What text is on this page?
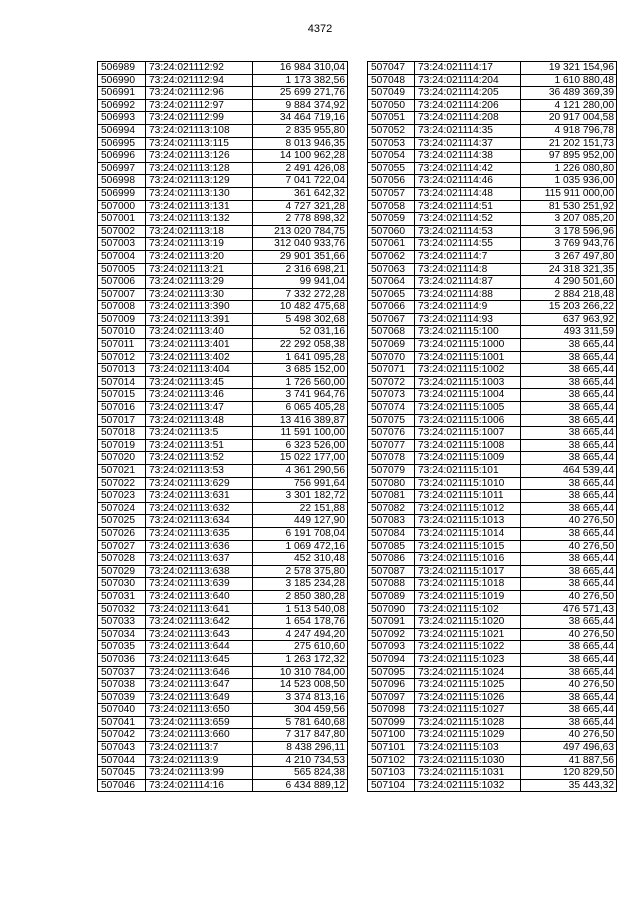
4372
506989	73:24:021112:92	16 984 310,04
506990	73:24:021112:94	1 173 382,56
506991	73:24:021112:96	25 699 271,76
506992	73:24:021112:97	9 884 374,92
506993	73:24:021112:99	34 464 719,16
506994	73:24:021113:108	2 835 955,80
506995	73:24:021113:115	8 013 946,35
506996	73:24:021113:126	14 100 962,28
506997	73:24:021113:128	2 491 426,08
506998	73:24:021113:129	7 041 722,04
506999	73:24:021113:130	361 642,32
507000	73:24:021113:131	4 727 321,28
507001	73:24:021113:132	2 778 898,32
507002	73:24:021113:18	213 020 784,75
507003	73:24:021113:19	312 040 933,76
507004	73:24:021113:20	29 901 351,66
507005	73:24:021113:21	2 316 698,21
507006	73:24:021113:29	99 941,04
507007	73:24:021113:30	7 332 272,28
507008	73:24:021113:390	10 482 475,68
507009	73:24:021113:391	5 498 302,68
507010	73:24:021113:40	52 031,16
507011	73:24:021113:401	22 292 058,38
507012	73:24:021113:402	1 641 095,28
507013	73:24:021113:404	3 685 152,00
507014	73:24:021113:45	1 726 560,00
507015	73:24:021113:46	3 741 964,76
507016	73:24:021113:47	6 065 405,28
507017	73:24:021113:48	13 416 389,87
507018	73:24:021113:5	11 591 100,00
507019	73:24:021113:51	6 323 526,00
507020	73:24:021113:52	15 022 177,00
507021	73:24:021113:53	4 361 290,56
507022	73:24:021113:629	756 991,64
507023	73:24:021113:631	3 301 182,72
507024	73:24:021113:632	22 151,88
507025	73:24:021113:634	449 127,90
507026	73:24:021113:635	6 191 708,04
507027	73:24:021113:636	1 069 472,16
507028	73:24:021113:637	452 310,48
507029	73:24:021113:638	2 578 375,80
507030	73:24:021113:639	3 185 234,28
507031	73:24:021113:640	2 850 380,28
507032	73:24:021113:641	1 513 540,08
507033	73:24:021113:642	1 654 178,76
507034	73:24:021113:643	4 247 494,20
507035	73:24:021113:644	275 610,60
507036	73:24:021113:645	1 263 172,32
507037	73:24:021113:646	10 310 784,00
507038	73:24:021113:647	14 523 008,50
507039	73:24:021113:649	3 374 813,16
507040	73:24:021113:650	304 459,56
507041	73:24:021113:659	5 781 640,68
507042	73:24:021113:660	7 317 847,80
507043	73:24:021113:7	8 438 296,11
507044	73:24:021113:9	4 210 734,53
507045	73:24:021113:99	565 824,38
507046	73:24:021114:16	6 434 889,12
507047	73:24:021114:17	19 321 154,96
507048	73:24:021114:204	1 610 880,48
507049	73:24:021114:205	36 489 369,39
507050	73:24:021114:206	4 121 280,00
507051	73:24:021114:208	20 917 004,58
507052	73:24:021114:35	4 918 796,78
507053	73:24:021114:37	21 202 151,73
507054	73:24:021114:38	97 895 952,00
507055	73:24:021114:42	1 226 080,80
507056	73:24:021114:46	1 035 936,00
507057	73:24:021114:48	115 911 000,00
507058	73:24:021114:51	81 530 251,92
507059	73:24:021114:52	3 207 085,20
507060	73:24:021114:53	3 178 596,96
507061	73:24:021114:55	3 769 943,76
507062	73:24:021114:7	3 267 497,80
507063	73:24:021114:8	24 318 321,35
507064	73:24:021114:87	4 290 501,60
507065	73:24:021114:88	2 884 218,48
507066	73:24:021114:9	15 203 266,22
507067	73:24:021114:93	637 963,92
507068	73:24:021115:100	493 311,59
507069	73:24:021115:1000	38 665,44
507070	73:24:021115:1001	38 665,44
507071	73:24:021115:1002	38 665,44
507072	73:24:021115:1003	38 665,44
507073	73:24:021115:1004	38 665,44
507074	73:24:021115:1005	38 665,44
507075	73:24:021115:1006	38 665,44
507076	73:24:021115:1007	38 665,44
507077	73:24:021115:1008	38 665,44
507078	73:24:021115:1009	38 665,44
507079	73:24:021115:101	464 539,44
507080	73:24:021115:1010	38 665,44
507081	73:24:021115:1011	38 665,44
507082	73:24:021115:1012	38 665,44
507083	73:24:021115:1013	40 276,50
507084	73:24:021115:1014	38 665,44
507085	73:24:021115:1015	40 276,50
507086	73:24:021115:1016	38 665,44
507087	73:24:021115:1017	38 665,44
507088	73:24:021115:1018	38 665,44
507089	73:24:021115:1019	40 276,50
507090	73:24:021115:102	476 571,43
507091	73:24:021115:1020	38 665,44
507092	73:24:021115:1021	40 276,50
507093	73:24:021115:1022	38 665,44
507094	73:24:021115:1023	38 665,44
507095	73:24:021115:1024	38 665,44
507096	73:24:021115:1025	40 276,50
507097	73:24:021115:1026	38 665,44
507098	73:24:021115:1027	38 665,44
507099	73:24:021115:1028	38 665,44
507100	73:24:021115:1029	40 276,50
507101	73:24:021115:103	497 496,63
507102	73:24:021115:1030	41 887,56
507103	73:24:021115:1031	120 829,50
507104	73:24:021115:1032	35 443,32
